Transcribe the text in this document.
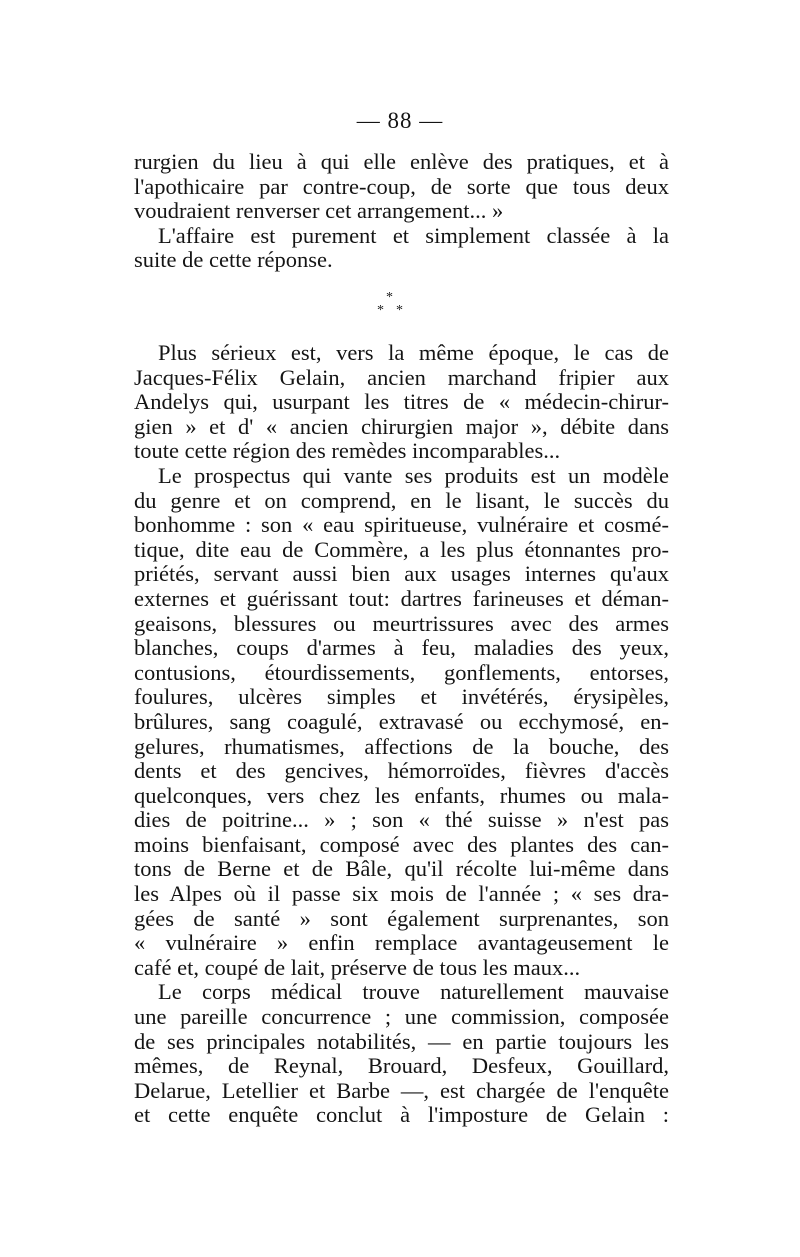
— 88 —

rurgien du lieu à qui elle enlève des pratiques, et à
l'apothicaire par contre-coup, de sorte que tous deux
voudraient renverser cet arrangement... »

L'affaire est purement et simplement classée à la
suite de cette réponse.

*
* *

Plus sérieux est, vers la même époque, le cas de
Jacques-Félix Gelain, ancien marchand fripier aux
Andelys qui, usurpant les titres de « médecin-chirur-
gien » et d' « ancien chirurgien major », débite dans
toute cette région des remèdes incomparables...

Le prospectus qui vante ses produits est un modèle
du genre et on comprend, en le lisant, le succès du
bonhomme : son « eau spiritueuse, vulnéraire et cosmé-
tique, dite eau de Commère, a les plus étonnantes pro-
priétés, servant aussi bien aux usages internes qu'aux
externes et guérissant tout: dartres farineuses et déman-
geaisons, blessures ou meurtrissures avec des armes
blanches, coups d'armes à feu, maladies des yeux,
contusions, étourdissements, gonflements, entorses,
foulures, ulcères simples et invétérés, érysipèles,
brûlures, sang coagulé, extravasé ou ecchymosé, en-
gelures, rhumatismes, affections de la bouche, des
dents et des gencives, hémorroïdes, fièvres d'accès
quelconques, vers chez les enfants, rhumes ou mala-
dies de poitrine... » ; son « thé suisse » n'est pas
moins bienfaisant, composé avec des plantes des can-
tons de Berne et de Bâle, qu'il récolte lui-même dans
les Alpes où il passe six mois de l'année ; « ses dra-
gées de santé » sont également surprenantes, son
« vulnéraire » enfin remplace avantageusement le
café et, coupé de lait, préserve de tous les maux...

Le corps médical trouve naturellement mauvaise
une pareille concurrence ; une commission, composée
de ses principales notabilités, — en partie toujours les
mêmes, de Reynal, Brouard, Desfeux, Gouillard,
Delarue, Letellier et Barbe —, est chargée de l'enquête
et cette enquête conclut à l'imposture de Gelain :
